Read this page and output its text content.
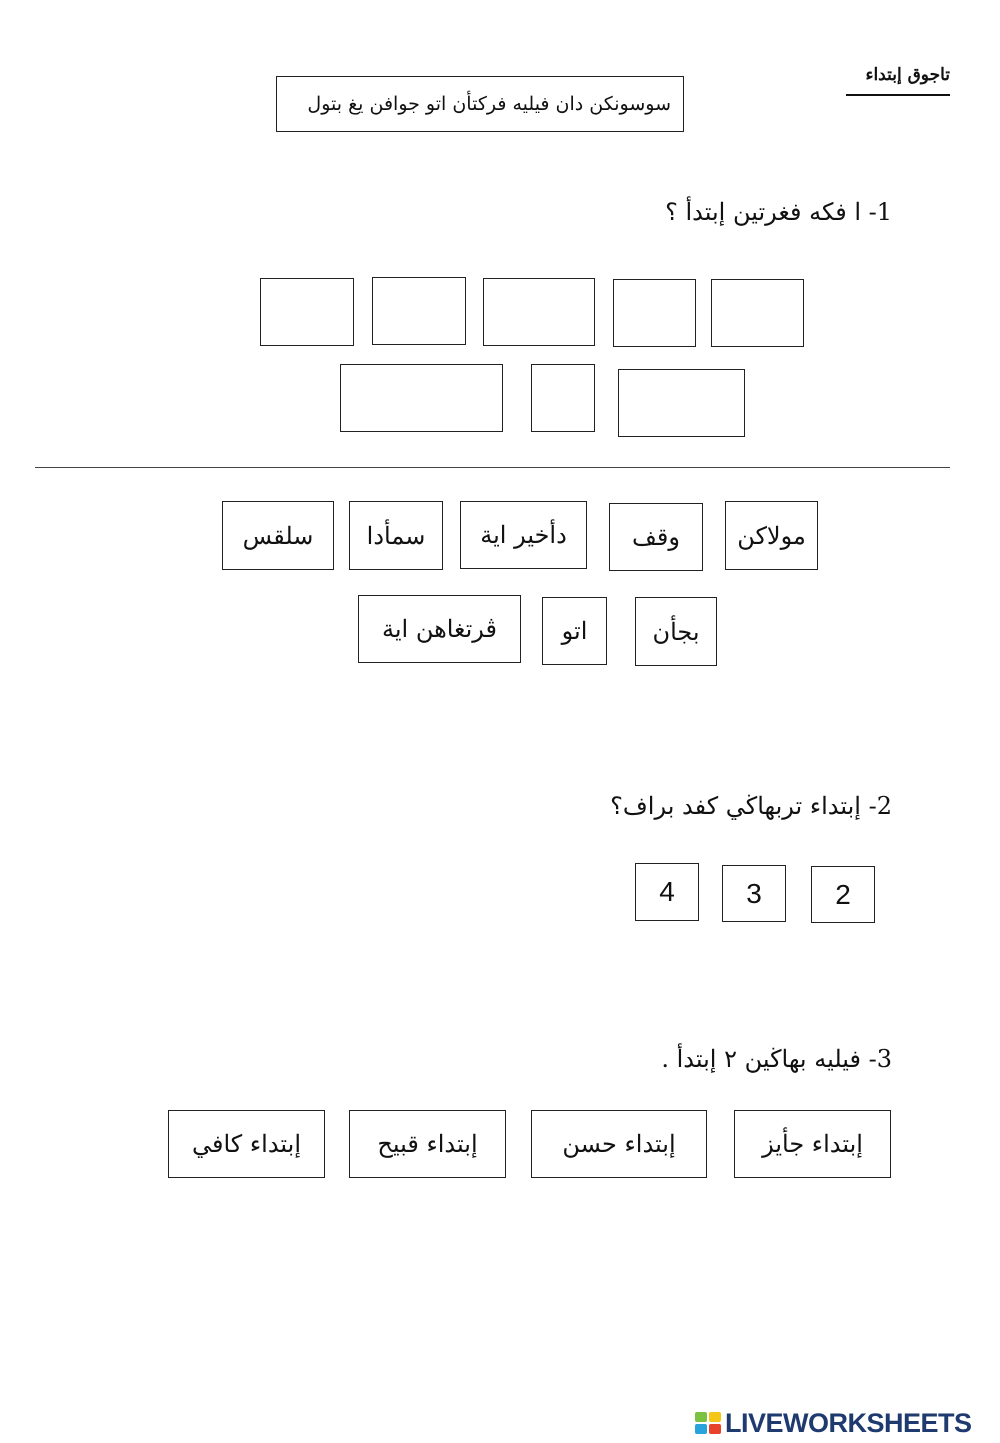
تاجوق إبتداء
سوسونكن دان فيليه فركتأن اتو جوافن يغ بتول
1- ا فكه فغرتين إبتدأ ؟
مولاكن
وقف
دأخير اية
سمأدا
سلقس
بجأن
اتو
ڤرتغاهن اية
2- إبتداء تربهاڬي كفد براف؟
2
3
4
3- فيليه بهاڬين ٢ إبتدأ .
إبتداء جأيز
إبتداء حسن
إبتداء قبيح
إبتداء كافي
LIVEWORKSHEETS
